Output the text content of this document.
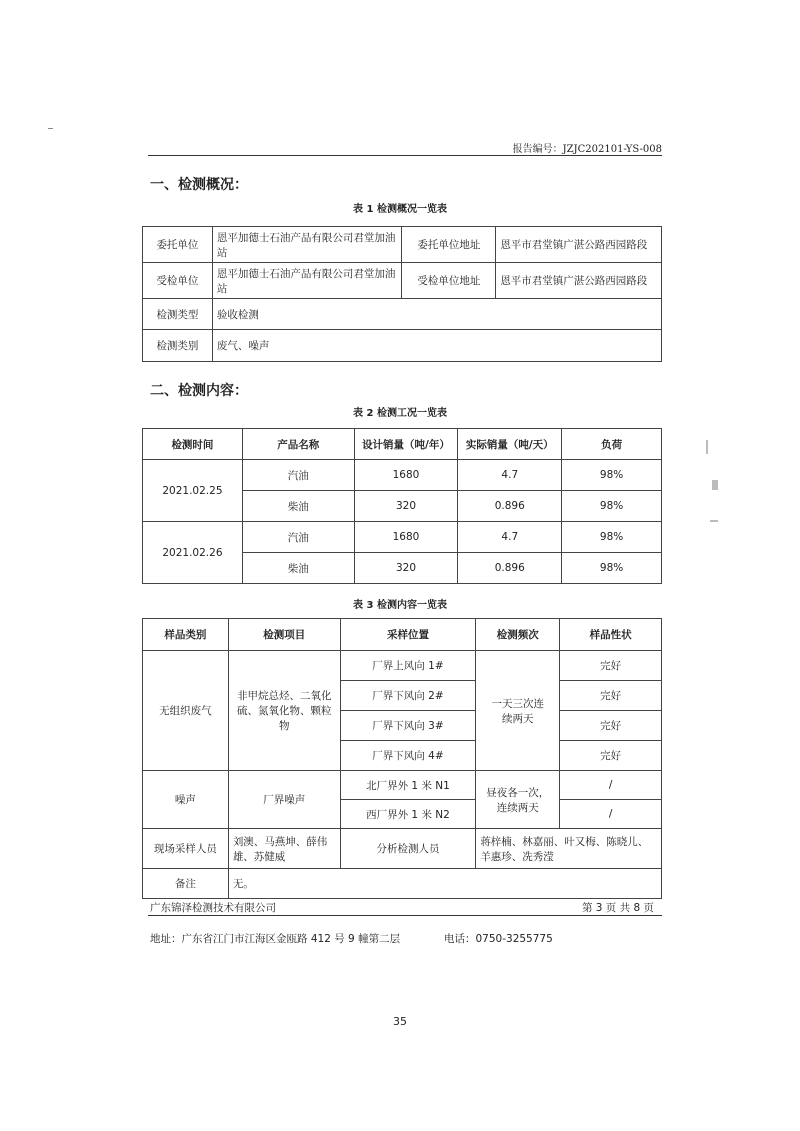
报告编号：JZJC202101-YS-008
一、检测概况：
表 1 检测概况一览表
委托单位	恩平加德士石油产品有限公司君堂加油站	委托单位地址	恩平市君堂镇广湛公路西园路段
受检单位	恩平加德士石油产品有限公司君堂加油站	受检单位地址	恩平市君堂镇广湛公路西园路段
检测类型	验收检测		
检测类别	废气、噪声		
二、检测内容：
表 2 检测工况一览表
检测时间	产品名称	设计销量（吨/年）	实际销量（吨/天）	负荷
2021.02.25	汽油	1680	4.7	98%
	柴油	320	0.896	98%
2021.02.26	汽油	1680	4.7	98%
	柴油	320	0.896	98%
表 3 检测内容一览表
样品类别	检测项目	采样位置	检测频次	样品性状
无组织废气	非甲烷总烃、二氧化硫、氮氧化物、颗粒物	厂界上风向 1#	一天三次连续两天	完好
		厂界下风向 2#		完好
		厂界下风向 3#		完好
		厂界下风向 4#		完好
噪声	厂界噪声	北厂界外 1 米 N1	昼夜各一次，连续两天	/
		西厂界外 1 米 N2		/
现场采样人员	刘澳、马燕坤、薛伟雄、苏健威	分析检测人员	蒋梓楠、林嘉丽、叶又梅、陈晓儿、羊惠珍、冼秀滢	
备注	无。			
广东锦泽检测技术有限公司	第 3 页 共 8 页
地址：广东省江门市江海区金瓯路 412 号 9 幢第二层	电话：0750-3255775
35
